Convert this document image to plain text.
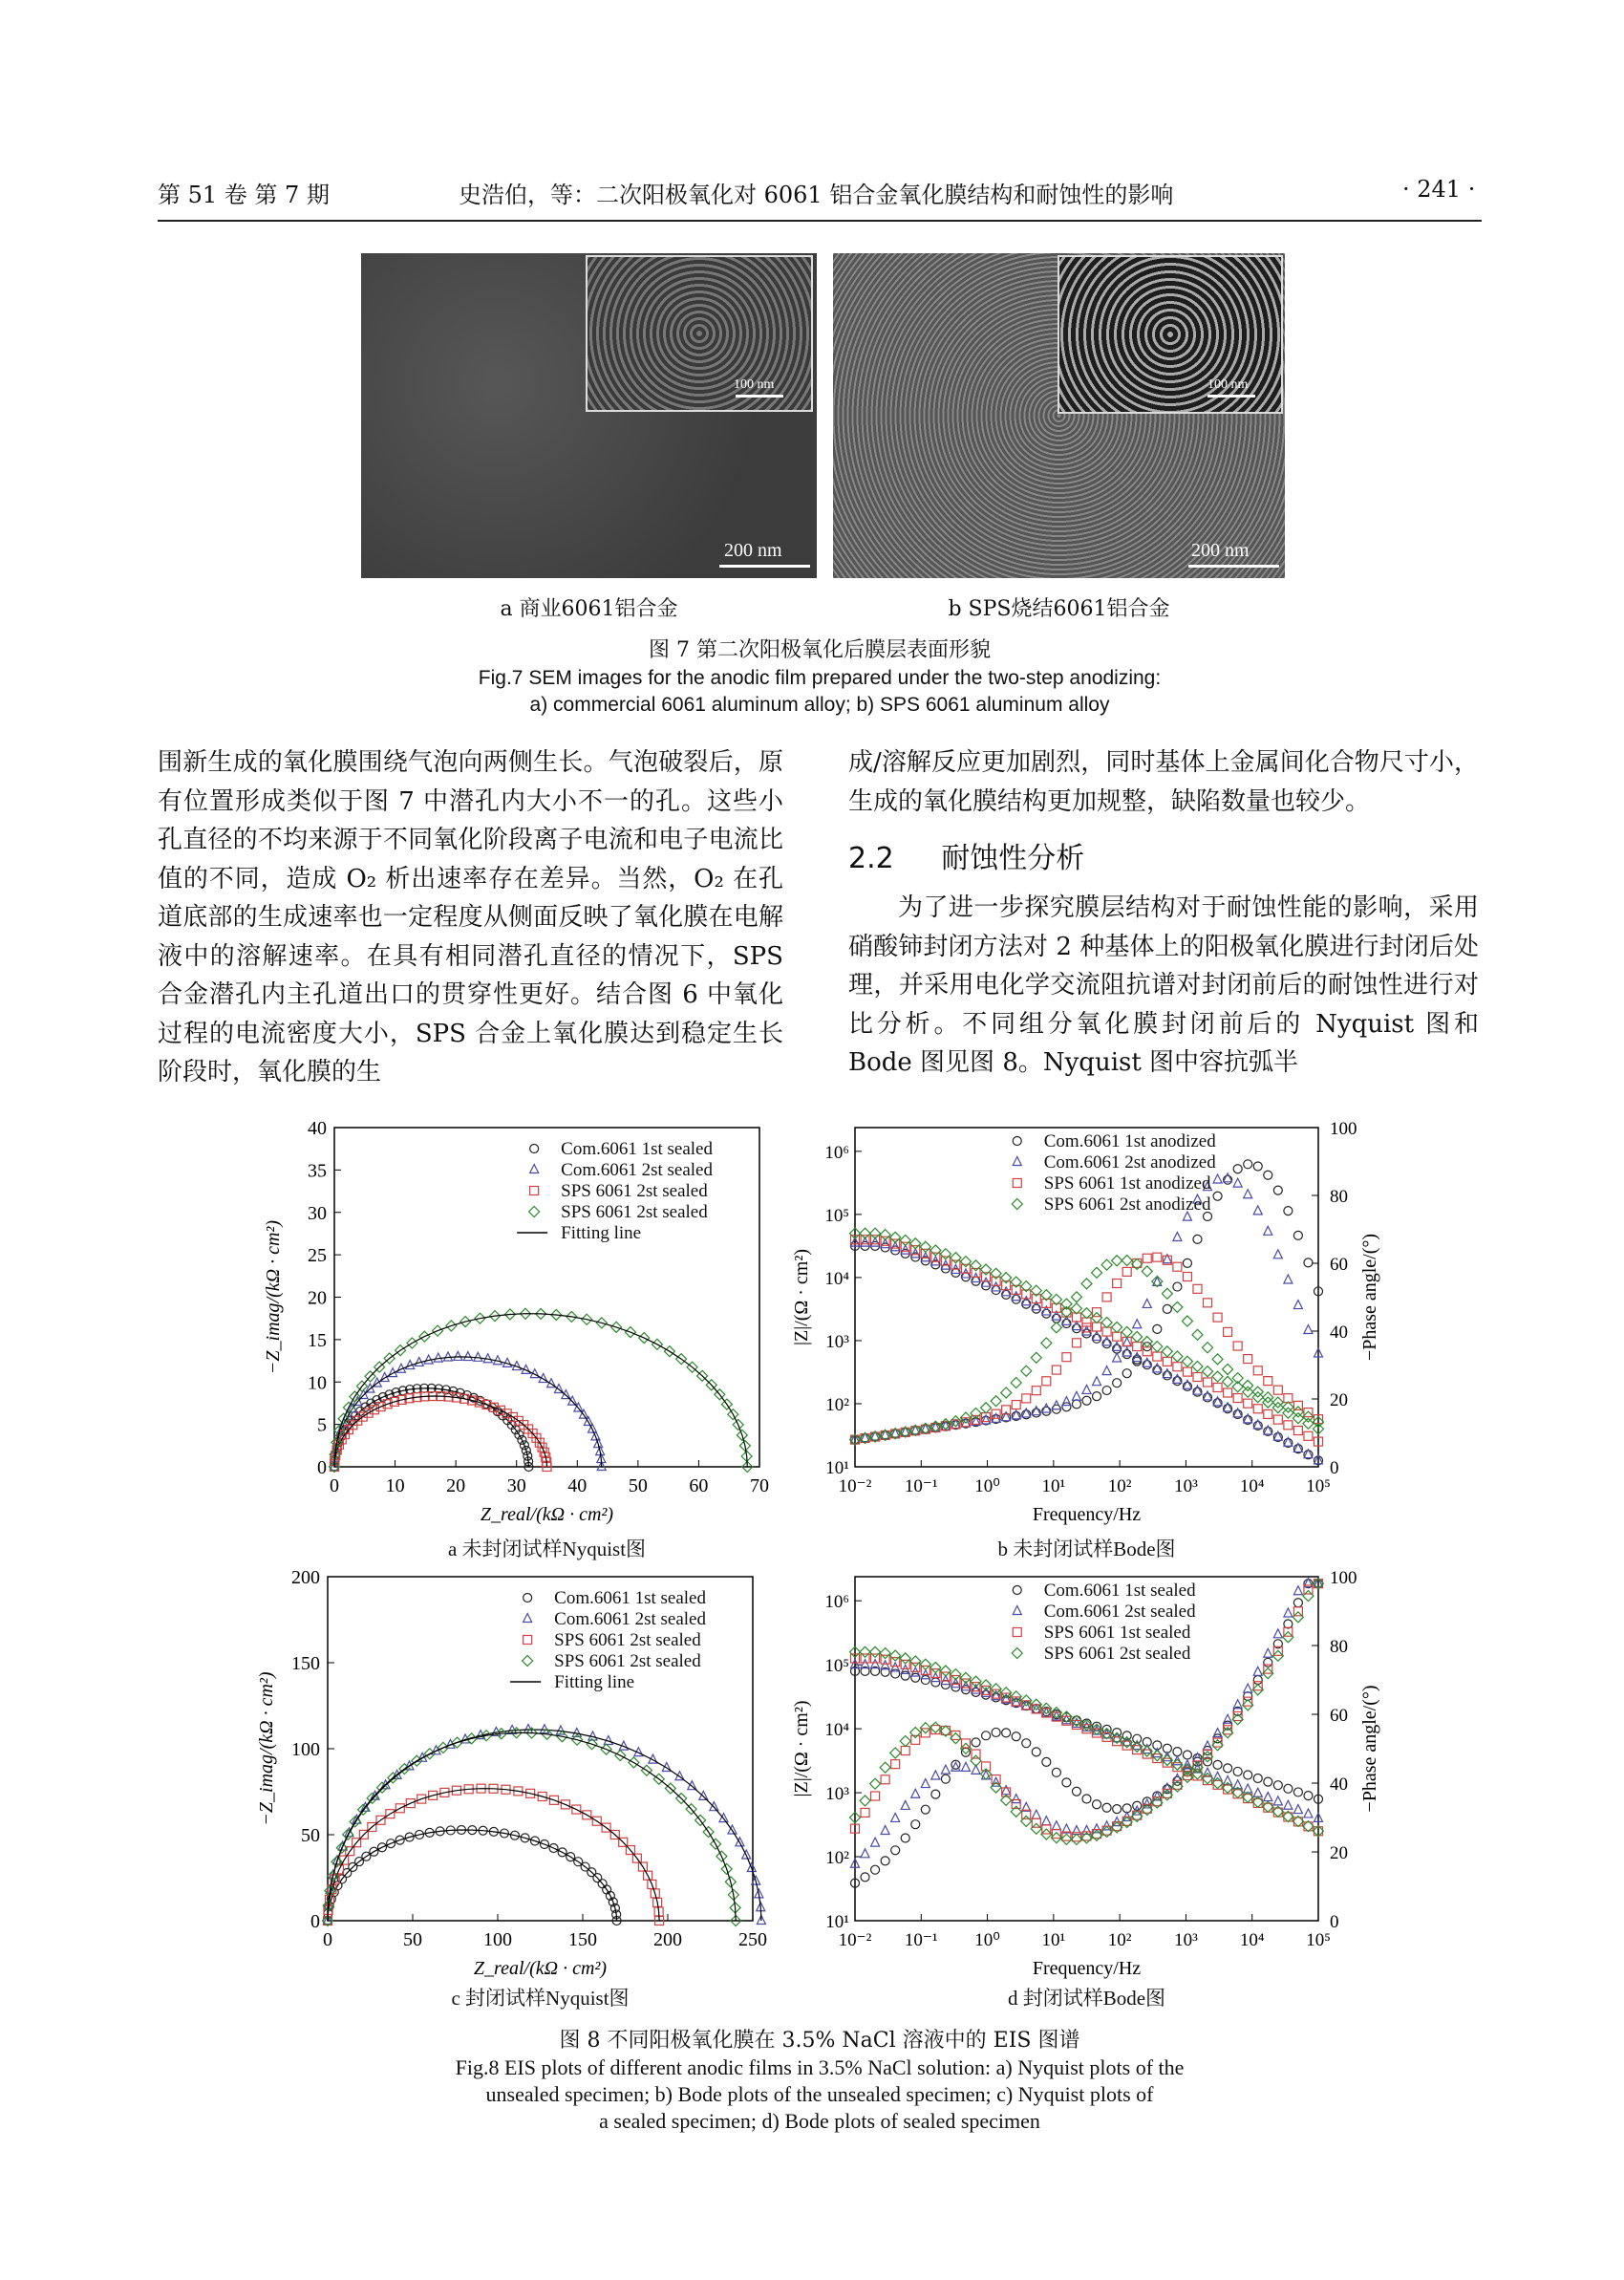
第 51 卷 第 7 期	史浩伯，等：二次阳极氧化对 6061 铝合金氧化膜结构和耐蚀性的影响	· 241 ·
100 nm
200 nm
100 nm
200 nm
a 商业6061铝合金	b SPS烧结6061铝合金
图 7 第二次阳极氧化后膜层表面形貌
Fig.7 SEM images for the anodic film prepared under the two-step anodizing:
a) commercial 6061 aluminum alloy; b) SPS 6061 aluminum alloy

围新生成的氧化膜围绕气泡向两侧生长。气泡破裂后，原有位置形成类似于图 7 中潜孔内大小不一的孔。这些小孔直径的不均来源于不同氧化阶段离子电流和电子电流比值的不同，造成 O₂ 析出速率存在差异。当然，O₂ 在孔道底部的生成速率也一定程度从侧面反映了氧化膜在电解液中的溶解速率。在具有相同潜孔直径的情况下，SPS 合金潜孔内主孔道出口的贯穿性更好。结合图 6 中氧化过程的电流密度大小，SPS 合金上氧化膜达到稳定生长阶段时，氧化膜的生

成/溶解反应更加剧烈，同时基体上金属间化合物尺寸小，生成的氧化膜结构更加规整，缺陷数量也较少。

2.2 耐蚀性分析

为了进一步探究膜层结构对于耐蚀性能的影响，采用硝酸铈封闭方法对 2 种基体上的阳极氧化膜进行封闭后处理，并采用电化学交流阻抗谱对封闭前后的耐蚀性进行对比分析。不同组分氧化膜封闭前后的 Nyquist 图和 Bode 图见图 8。Nyquist 图中容抗弧半

a 未封闭试样Nyquist图
0 10 20 30 40 50 60 70
0
5
10
15
20
25
30
35
40
Z_real/(kΩ · cm²)
−Z_imag/(kΩ · cm²)
Com.6061 1st sealed
Com.6061 2st sealed
SPS 6061 2st sealed
SPS 6061 2st sealed
Fitting line
b 未封闭试样Bode图
10⁻² 10⁻¹ 10⁰ 10¹ 10² 10³ 10⁴ 10⁵
10¹
10²
10³
10⁴
10⁵
10⁶
0
20
40
60
80
100
Frequency/Hz
|Z|/(Ω · cm²)	−Phase angle/(°)
Com.6061 1st anodized
Com.6061 2st anodized
SPS 6061 1st anodized
SPS 6061 2st anodized
c 封闭试样Nyquist图
0	50	100	150	200	250
0
50
100
150
200
Z_real/(kΩ · cm²)
−Z_imag/(kΩ · cm²)
Com.6061 1st sealed
Com.6061 2st sealed
SPS 6061 2st sealed
SPS 6061 2st sealed
Fitting line
d 封闭试样Bode图
10⁻² 10⁻¹ 10⁰ 10¹ 10² 10³ 10⁴ 10⁵
10¹
10²
10³
10⁴
10⁵
10⁶
0
20
40
60
80
100
Frequency/Hz
|Z|/(Ω · cm²)	−Phase angle/(°)
Com.6061 1st sealed
Com.6061 2st sealed
SPS 6061 1st sealed
SPS 6061 2st sealed
图 8 不同阳极氧化膜在 3.5% NaCl 溶液中的 EIS 图谱
Fig.8 EIS plots of different anodic films in 3.5% NaCl solution: a) Nyquist plots of the
unsealed specimen; b) Bode plots of the unsealed specimen; c) Nyquist plots of
a sealed specimen; d) Bode plots of sealed specimen
